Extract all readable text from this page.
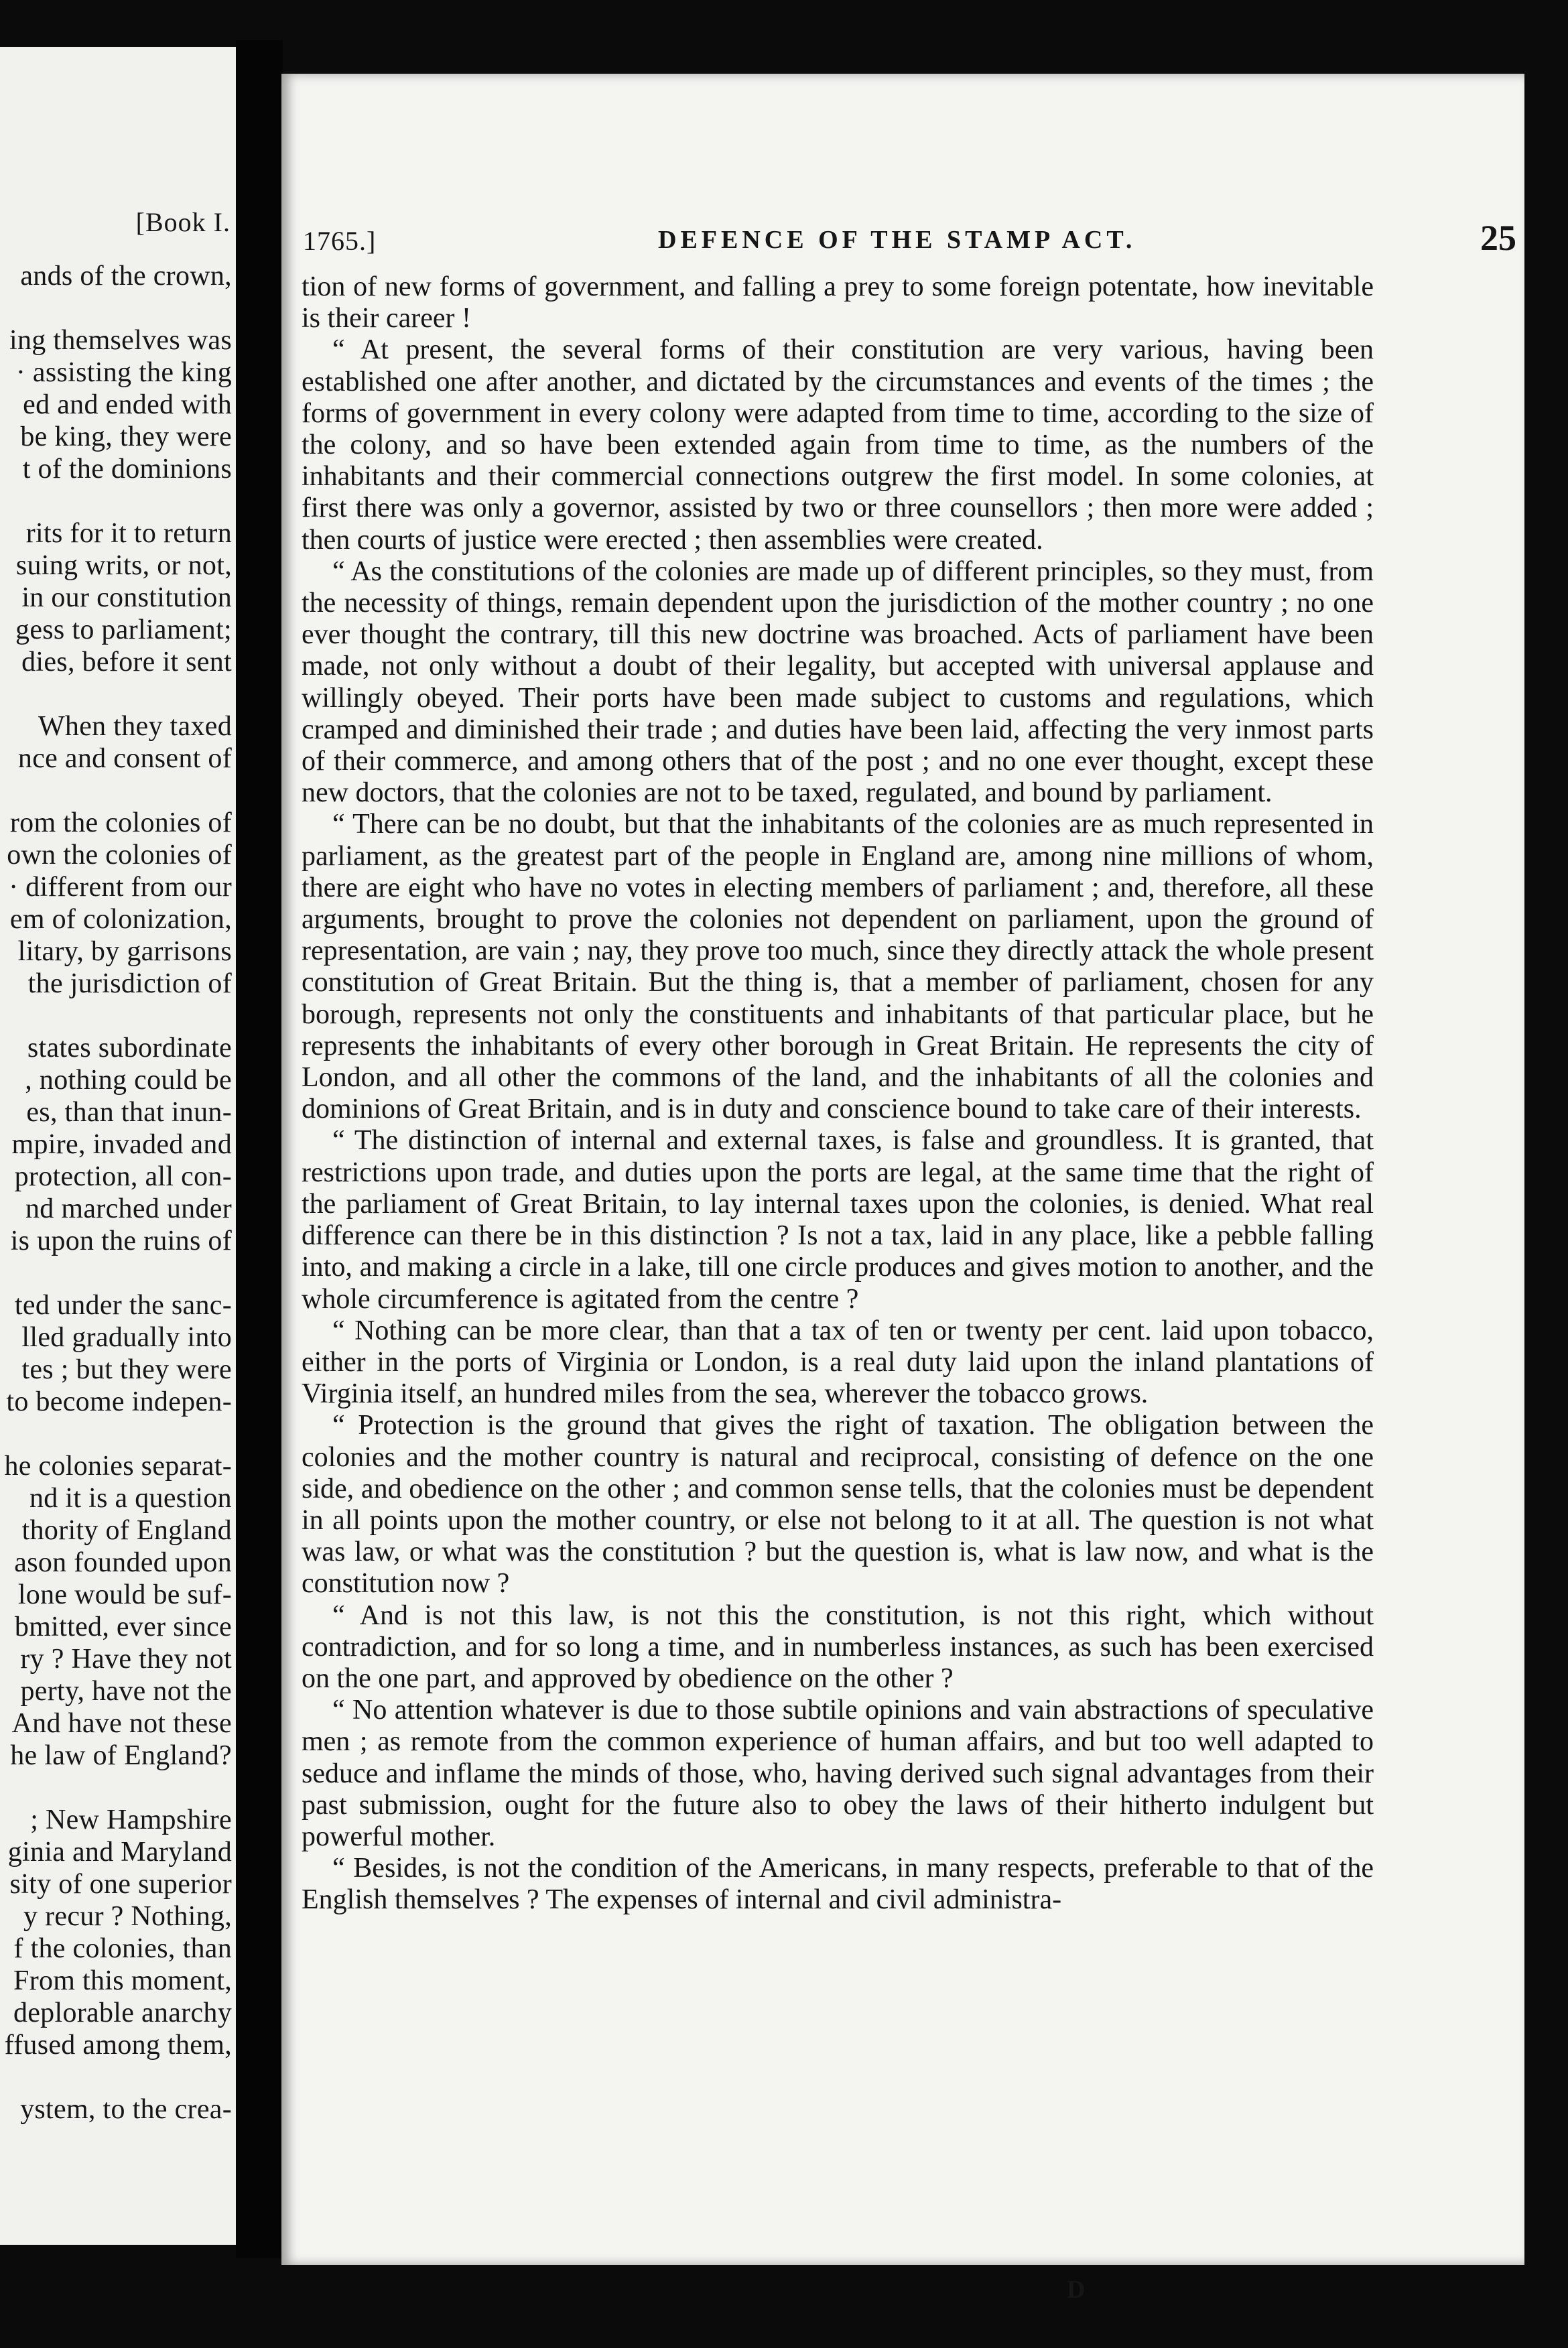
[Book I.
ands of the crown,
ing themselves was
· assisting the king
ed and ended with
be king, they were
t of the dominions
rits for it to return
suing writs, or not,
in our constitution
gess to parliament;
dies, before it sent
When they taxed
nce and consent of
rom the colonies of
own the colonies of
· different from our
em of colonization,
litary, by garrisons
the jurisdiction of
states subordinate
, nothing could be
es, than that inun-
mpire, invaded and
protection, all con-
nd marched under
is upon the ruins of
ted under the sanc-
lled gradually into
tes ; but they were
to become indepen-
he colonies separat-
nd it is a question
thority of England
ason founded upon
lone would be suf-
bmitted, ever since
ry ? Have they not
perty, have not the
And have not these
he law of England?
; New Hampshire
ginia and Maryland
sity of one superior
y recur ? Nothing,
f the colonies, than
From this moment,
deplorable anarchy
ffused among them,
ystem, to the crea-
1765.]	DEFENCE OF THE STAMP ACT.	25

tion of new forms of government, and falling a prey to some foreign potentate, how inevitable is their career !

“ At present, the several forms of their constitution are very various, having been established one after another, and dictated by the circumstances and events of the times ; the forms of government in every colony were adapted from time to time, according to the size of the colony, and so have been extended again from time to time, as the numbers of the inhabitants and their commercial connections outgrew the first model. In some colonies, at first there was only a governor, assisted by two or three counsellors ; then more were added ; then courts of justice were erected ; then assemblies were created.

“ As the constitutions of the colonies are made up of different principles, so they must, from the necessity of things, remain dependent upon the jurisdiction of the mother country ; no one ever thought the contrary, till this new doctrine was broached. Acts of parliament have been made, not only without a doubt of their legality, but accepted with universal applause and willingly obeyed. Their ports have been made subject to customs and regulations, which cramped and diminished their trade ; and duties have been laid, affecting the very inmost parts of their commerce, and among others that of the post ; and no one ever thought, except these new doctors, that the colonies are not to be taxed, regulated, and bound by parliament.

“ There can be no doubt, but that the inhabitants of the colonies are as much represented in parliament, as the greatest part of the people in England are, among nine millions of whom, there are eight who have no votes in electing members of parliament ; and, therefore, all these arguments, brought to prove the colonies not dependent on parliament, upon the ground of representation, are vain ; nay, they prove too much, since they directly attack the whole present constitution of Great Britain. But the thing is, that a member of parliament, chosen for any borough, represents not only the constituents and inhabitants of that particular place, but he represents the inhabitants of every other borough in Great Britain. He represents the city of London, and all other the commons of the land, and the inhabitants of all the colonies and dominions of Great Britain, and is in duty and conscience bound to take care of their interests.

“ The distinction of internal and external taxes, is false and groundless. It is granted, that restrictions upon trade, and duties upon the ports are legal, at the same time that the right of the parliament of Great Britain, to lay internal taxes upon the colonies, is denied. What real difference can there be in this distinction ? Is not a tax, laid in any place, like a pebble falling into, and making a circle in a lake, till one circle produces and gives motion to another, and the whole circumference is agitated from the centre ?

“ Nothing can be more clear, than that a tax of ten or twenty per cent. laid upon tobacco, either in the ports of Virginia or London, is a real duty laid upon the inland plantations of Virginia itself, an hundred miles from the sea, wherever the tobacco grows.

“ Protection is the ground that gives the right of taxation. The obligation between the colonies and the mother country is natural and reciprocal, consisting of defence on the one side, and obedience on the other ; and common sense tells, that the colonies must be dependent in all points upon the mother country, or else not belong to it at all. The question is not what was law, or what was the constitution ? but the question is, what is law now, and what is the constitution now ?

“ And is not this law, is not this the constitution, is not this right, which without contradiction, and for so long a time, and in numberless instances, as such has been exercised on the one part, and approved by obedience on the other ?

“ No attention whatever is due to those subtile opinions and vain abstractions of speculative men ; as remote from the common experience of human affairs, and but too well adapted to seduce and inflame the minds of those, who, having derived such signal advantages from their past submission, ought for the future also to obey the laws of their hitherto indulgent but powerful mother.

“ Besides, is not the condition of the Americans, in many respects, preferable to that of the English themselves ? The expenses of internal and civil administra-

D
